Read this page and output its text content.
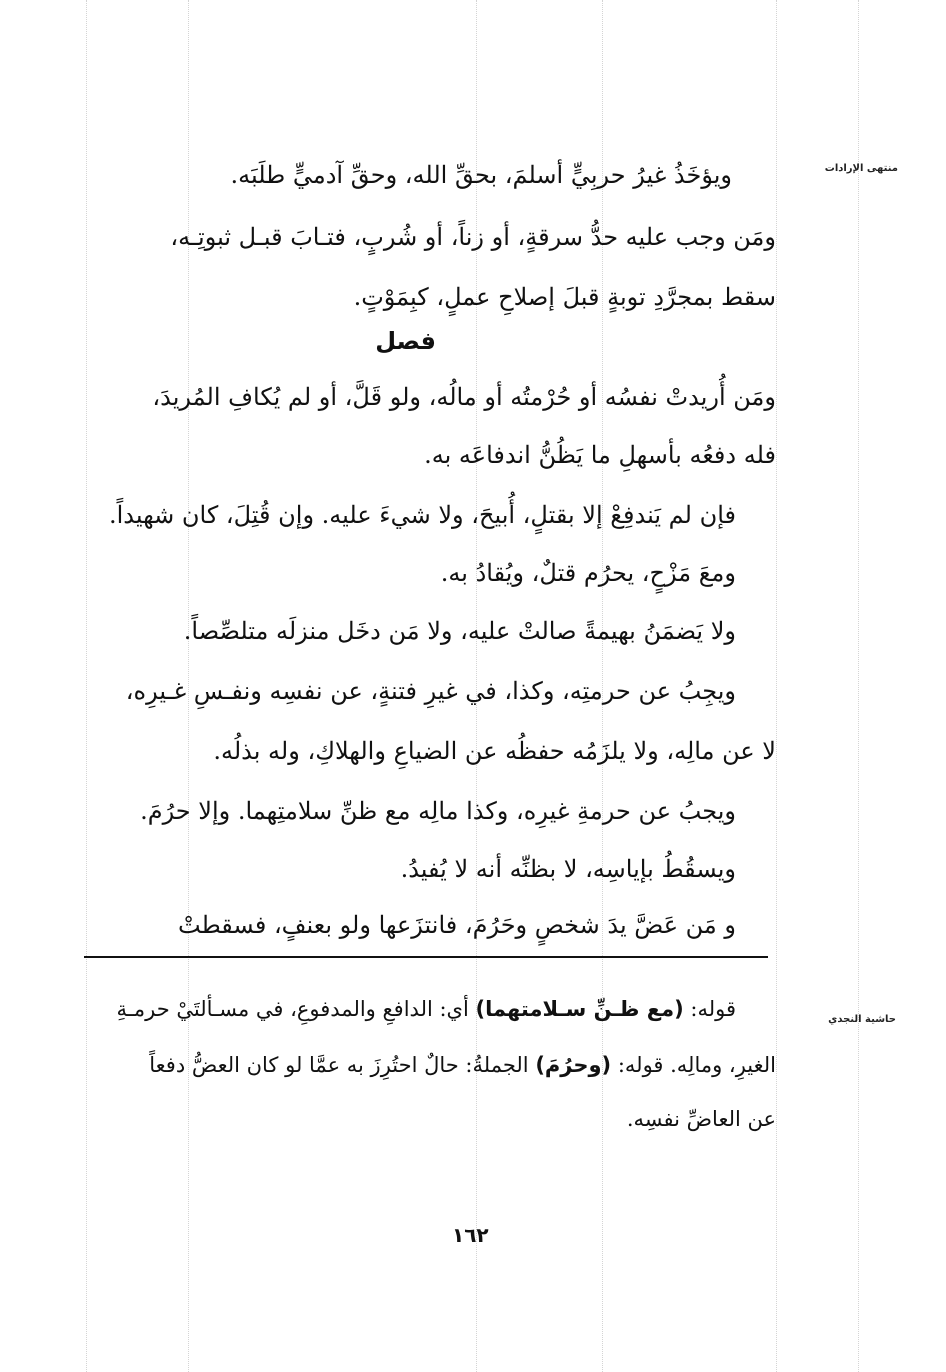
منتهى الإرادات
حاشية النجدي
ويؤخَذُ غيرُ حربِيٍّ أسلمَ، بحقِّ الله، وحقِّ آدميٍّ طلَبَه.
ومَن وجب عليه حدُّ سرقةٍ، أو زناً، أو شُربٍ، فتـابَ قبـل ثبوتِـه،
سقط بمجرَّدِ توبةٍ قبلَ إصلاحِ عملٍ، كبِمَوْتٍ.
فصل
ومَن أُريدتْ نفسُه أو حُرْمتُه أو مالُه، ولو قَلَّ، أو لم يُكافِ المُريدَ،
فله دفعُه بأسهلِ ما يَظُنُّ اندفاعَه به.
فإن لم يَندفِعْ إلا بقتلٍ، أُبيحَ، ولا شيءَ عليه. وإن قُتِلَ، كان شهيداً.
ومعَ مَزْحٍ، يحرُم قتلٌ، ويُقادُ به.
ولا يَضمَنُ بهيمةً صالتْ عليه، ولا مَن دخَل منزلَه متلصِّصاً.
ويجِبُ عن حرمتِه، وكذا، في غيرِ فتنةٍ، عن نفسِه ونفـسِ غـيرِه،
لا عن مالِه، ولا يلزَمُه حفظُه عن الضياعِ والهلاكِ، وله بذلُه.
ويجبُ عن حرمةِ غيرِه، وكذا مالِه مع ظنِّ سلامتِهما. وإلا حرُمَ.
ويسقُطُ بإياسِه، لا بظنِّه أنه لا يُفيدُ.
و مَن عَضَّ يدَ شخصٍ وحَرُمَ، فانتزَعها ولو بعنفٍ، فسقطتْ
قوله: (مع ظـنِّ سـلامتهما) أي: الدافعِ والمدفوعِ، في مسـألتَيْ حرمـةِ
الغيرِ، ومالِه. قوله: (وحرُمَ) الجملةُ: حالٌ احتُرِزَ به عمَّا لو كان العضُّ دفعاً
عن العاضِّ نفسِه.
١٦٢
